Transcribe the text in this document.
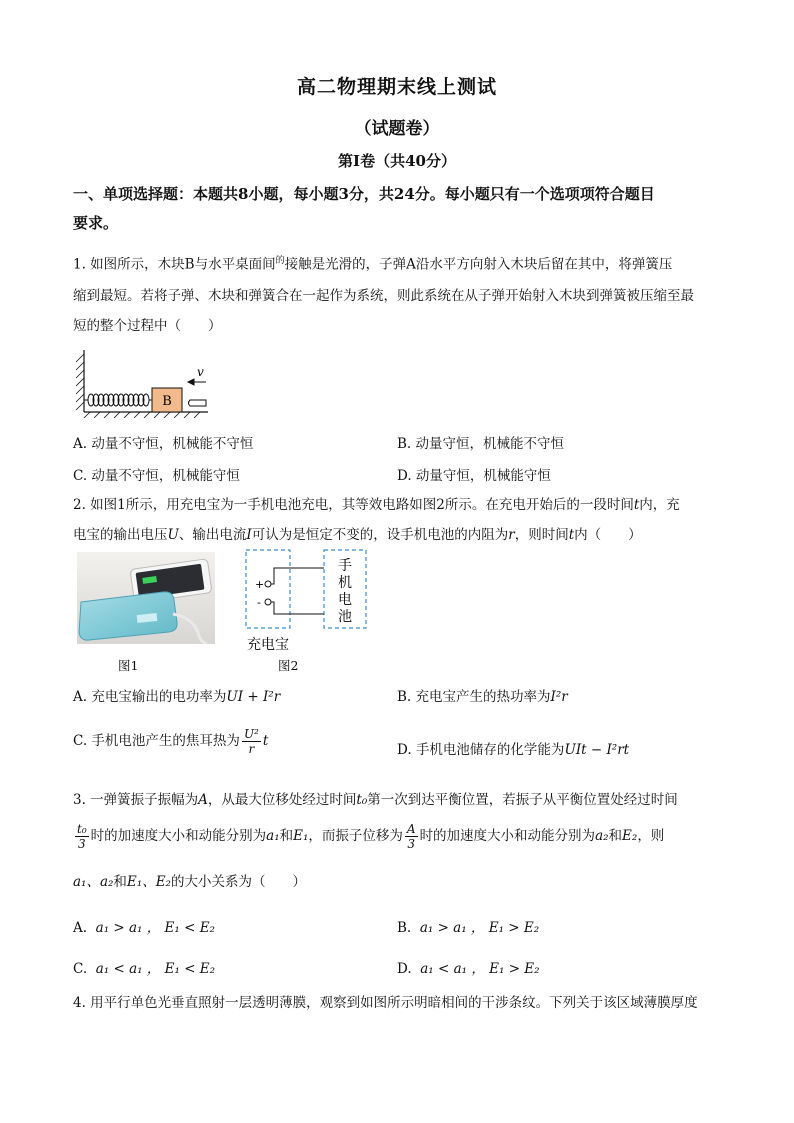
高二物理期末线上测试
（试题卷）
第Ⅰ卷（共40分）
一、单项选择题：本题共8小题，每小题3分，共24分。每小题只有一个选项项符合题目
要求。
1. 如图所示，木块B与水平桌面间$^的$接触是光滑的，子弹A沿水平方向射入木块后留在其中，将弹簧压
缩到最短。若将子弹、木块和弹簧合在一起作为系统，则此系统在从子弹开始射入木块到弹簧被压缩至最
短的整个过程中（　　）
B
v
A. 动量不守恒，机械能不守恒	B. 动量守恒，机械能不守恒
C. 动量不守恒，机械能守恒	D. 动量守恒，机械能守恒
2. 如图1所示，用充电宝为一手机电池充电，其等效电路如图2所示。在充电开始后的一段时间t内，充
电宝的输出电压U、输出电流I可认为是恒定不变的，设手机电池的内阻为r，则时间t内（　　）
图1
+
-
手机电池
充电宝
图2
A. 充电宝输出的电功率为UI + I²r	B. 充电宝产生的热功率为I²r
C. 手机电池产生的焦耳热为 $\frac{\text{U²}}{r}$ t
D. 手机电池储存的化学能为UIt − I²rt
3. 一弹簧振子振幅为A，从最大位移处经过时间t₀第一次到达平衡位置，若振子从平衡位置处经过时间
$\frac{\text{t₀}}{3}$ 时的加速度大小和动能分别为a₁和E₁，而振子位移为 $\frac{A}{3}$ 时的加速度大小和动能分别为a₂和E₂，则
a₁、a₂和E₁、E₂的大小关系为（　　）
A. a₁ > a₁ ， E₁ < E₂	B. a₁ > a₁ ， E₁ > E₂
C. a₁ < a₁ ， E₁ < E₂	D. a₁ < a₁ ， E₁ > E₂
4. 用平行单色光垂直照射一层透明薄膜，观察到如图所示明暗相间的干涉条纹。下列关于该区域薄膜厚度
